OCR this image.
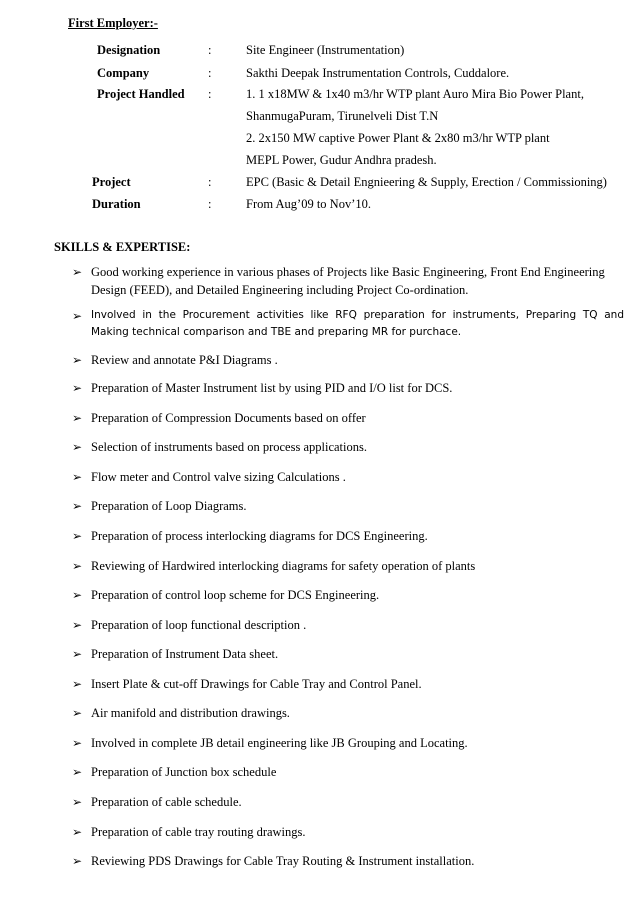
First Employer:-
Designation	:	Site Engineer (Instrumentation)
Company	:	Sakthi Deepak Instrumentation Controls, Cuddalore.
Project Handled :	1. 1 x18MW & 1x40 m3/hr WTP plant Auro Mira Bio Power Plant,
ShanmugaPuram, Tirunelveli Dist T.N
2. 2x150 MW captive Power Plant & 2x80 m3/hr WTP plant
MEPL Power, Gudur Andhra pradesh.
Project	:	EPC (Basic & Detail Engnieering & Supply, Erection / Commissioning)
Duration	:	From Aug’09 to Nov’10.
SKILLS & EXPERTISE:
➢ Good working experience in various phases of Projects like Basic Engineering, Front End Engineering Design (FEED), and Detailed Engineering including Project Co-ordination.
➢ Involved in the Procurement activities like RFQ preparation for instruments, Preparing TQ and Making technical comparison and TBE and preparing MR for purchace.
➢ Review and annotate P&I Diagrams .
➢ Preparation of Master Instrument list by using PID and I/O list for DCS.
➢ Preparation of Compression Documents based on offer
➢ Selection of instruments based on process applications.
➢ Flow meter and Control valve sizing Calculations .
➢ Preparation of Loop Diagrams.
➢ Preparation of process interlocking diagrams for DCS Engineering.
➢ Reviewing of Hardwired interlocking diagrams for safety operation of plants
➢ Preparation of control loop scheme for DCS Engineering.
➢ Preparation of loop functional description .
➢ Preparation of Instrument Data sheet.
➢ Insert Plate & cut-off Drawings for Cable Tray and Control Panel.
➢ Air manifold and distribution drawings.
➢ Involved in complete JB detail engineering like JB Grouping and Locating.
➢ Preparation of Junction box schedule
➢ Preparation of cable schedule.
➢ Preparation of cable tray routing drawings.
➢ Reviewing PDS Drawings for Cable Tray Routing & Instrument installation.
